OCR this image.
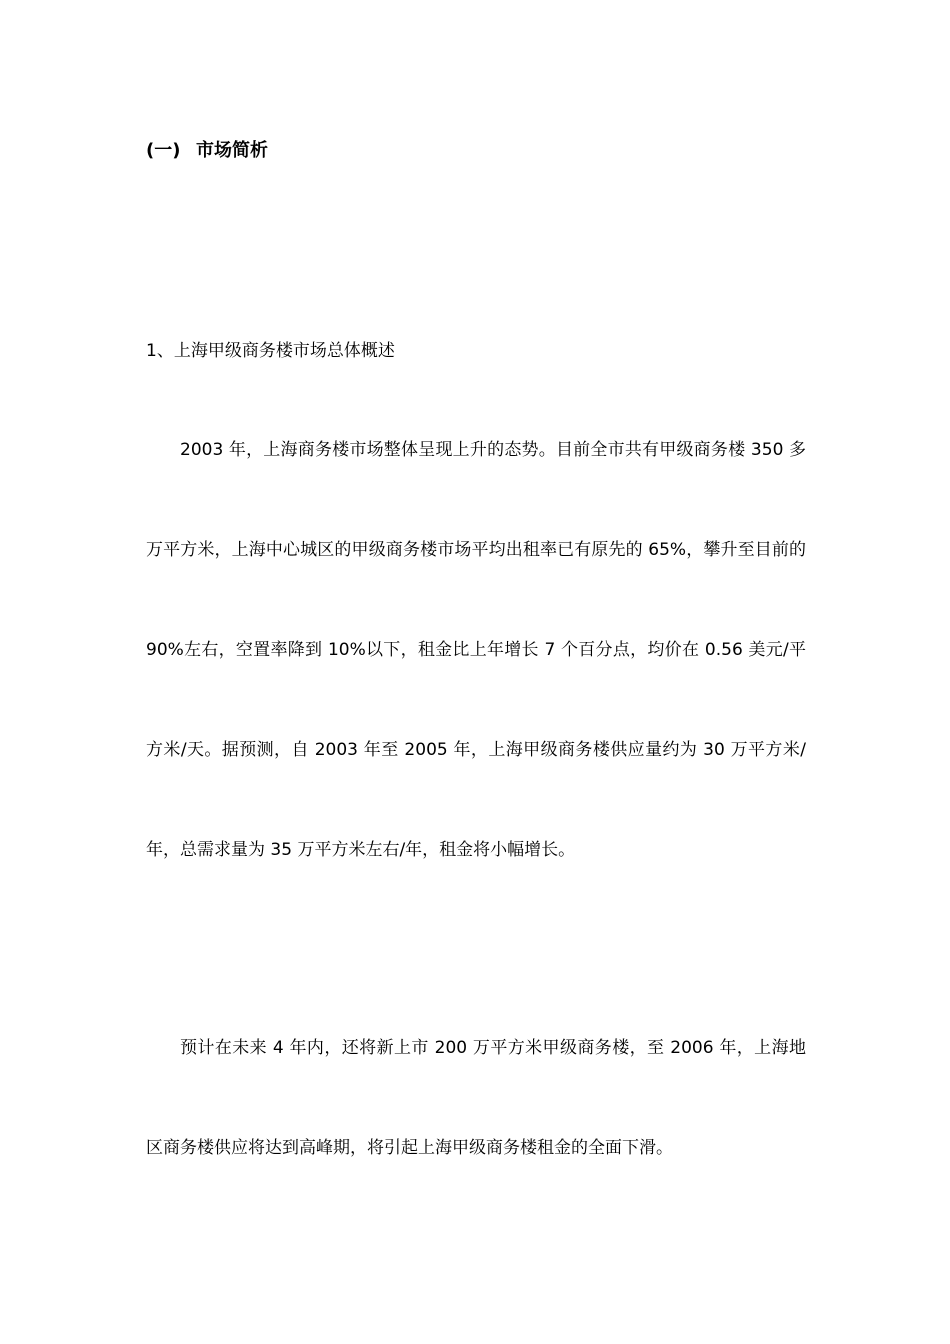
(一) 市场简析
1、上海甲级商务楼市场总体概述

2003 年，上海商务楼市场整体呈现上升的态势。目前全市共有甲级商务楼 350 多万平方米，上海中心城区的甲级商务楼市场平均出租率已有原先的 65%，攀升至目前的 90%左右，空置率降到 10%以下，租金比上年增长 7 个百分点，均价在 0.56 美元/平方米/天。据预测，自 2003 年至 2005 年，上海甲级商务楼供应量约为 30 万平方米/年，总需求量为 35 万平方米左右/年，租金将小幅增长。

预计在未来 4 年内，还将新上市 200 万平方米甲级商务楼，至 2006 年，上海地区商务楼供应将达到高峰期，将引起上海甲级商务楼租金的全面下滑。
